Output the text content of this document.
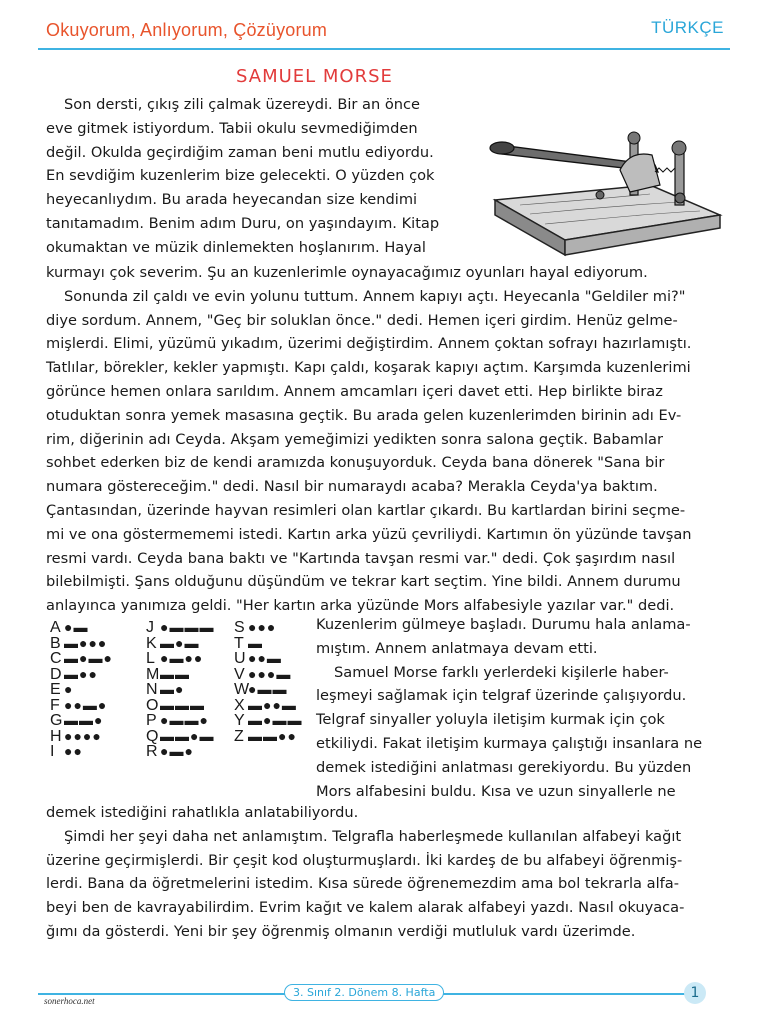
Okuyorum, Anlıyorum, Çözüyorum	TÜRKÇE
SAMUEL MORSE

Son dersti, çıkış zili çalmak üzereydi. Bir an önce

eve gitmek istiyordum. Tabii okulu sevmediğimden

değil. Okulda geçirdiğim zaman beni mutlu ediyordu.

En sevdiğim kuzenlerim bize gelecekti. O yüzden çok

heyecanlıydım. Bu arada heyecandan size kendimi

tanıtamadım. Benim adım Duru, on yaşındayım. Kitap

okumaktan ve müzik dinlemekten hoşlanırım. Hayal

kurmayı çok severim. Şu an kuzenlerimle oynayacağımız oyunları hayal ediyorum.

Sonunda zil çaldı ve evin yolunu tuttum. Annem kapıyı açtı. Heyecanla "Geldiler mi?"

diye sordum. Annem, "Geç bir soluklan önce." dedi. Hemen içeri girdim. Henüz gelme-

mişlerdi. Elimi, yüzümü yıkadım, üzerimi değiştirdim. Annem çoktan sofrayı hazırlamıştı.

Tatlılar, börekler, kekler yapmıştı. Kapı çaldı, koşarak kapıyı açtım. Karşımda kuzenlerimi

görünce hemen onlara sarıldım. Annem amcamları içeri davet etti. Hep birlikte biraz

otuduktan sonra yemek masasına geçtik. Bu arada gelen kuzenlerimden birinin adı Ev-

rim, diğerinin adı Ceyda. Akşam yemeğimizi yedikten sonra salona geçtik. Babamlar

sohbet ederken biz de kendi aramızda konuşuyorduk. Ceyda bana dönerek "Sana bir

numara göstereceğim." dedi. Nasıl bir numaraydı acaba? Merakla Ceyda'ya baktım.

Çantasından, üzerinde hayvan resimleri olan kartlar çıkardı. Bu kartlardan birini seçme-

mi ve ona göstermememi istedi. Kartın arka yüzü çevriliydi. Kartımın ön yüzünde tavşan

resmi vardı. Ceyda bana baktı ve "Kartında tavşan resmi var." dedi. Çok şaşırdım nasıl

bilebilmişti. Şans olduğunu düşündüm ve tekrar kart seçtim. Yine bildi. Annem durumu

anlayınca yanımıza geldi. "Her kartın arka yüzünde Mors alfabesiyle yazılar var." dedi.

A ●▬
B ▬●●●
C ▬●▬●
D ▬●●
E ●
F ●●▬●
G ▬▬●
H ●●●●
I ●●
J ●▬▬▬
K ▬●▬
L ●▬●●
M▬▬
N ▬●
O ▬▬▬
P ●▬▬●
Q ▬▬●▬
R ●▬●
S ●●●
T ▬
U ●●▬
V ●●●▬
W●▬▬
X ▬●●▬
Y ▬●▬▬
Z ▬▬●●

Kuzenlerim gülmeye başladı. Durumu hala anlama-

mıştım. Annem anlatmaya devam etti.

Samuel Morse farklı yerlerdeki kişilerle haber-

leşmeyi sağlamak için telgraf üzerinde çalışıyordu.

Telgraf sinyaller yoluyla iletişim kurmak için çok

etkiliydi. Fakat iletişim kurmaya çalıştığı insanlara ne

demek istediğini anlatması gerekiyordu. Bu yüzden

Mors alfabesini buldu. Kısa ve uzun sinyallerle ne

demek istediğini rahatlıkla anlatabiliyordu.

Şimdi her şeyi daha net anlamıştım. Telgrafla haberleşmede kullanılan alfabeyi kağıt

üzerine geçirmişlerdi. Bir çeşit kod oluşturmuşlardı. İki kardeş de bu alfabeyi öğrenmiş-

lerdi. Bana da öğretmelerini istedim. Kısa sürede öğrenemezdim ama bol tekrarla alfa-

beyi ben de kavrayabilirdim. Evrim kağıt ve kalem alarak alfabeyi yazdı. Nasıl okuyaca-

ğımı da gösterdi. Yeni bir şey öğrenmiş olmanın verdiği mutluluk vardı üzerimde.

sonerhoca.net
3. Sınıf 2. Dönem 8. Hafta	1
